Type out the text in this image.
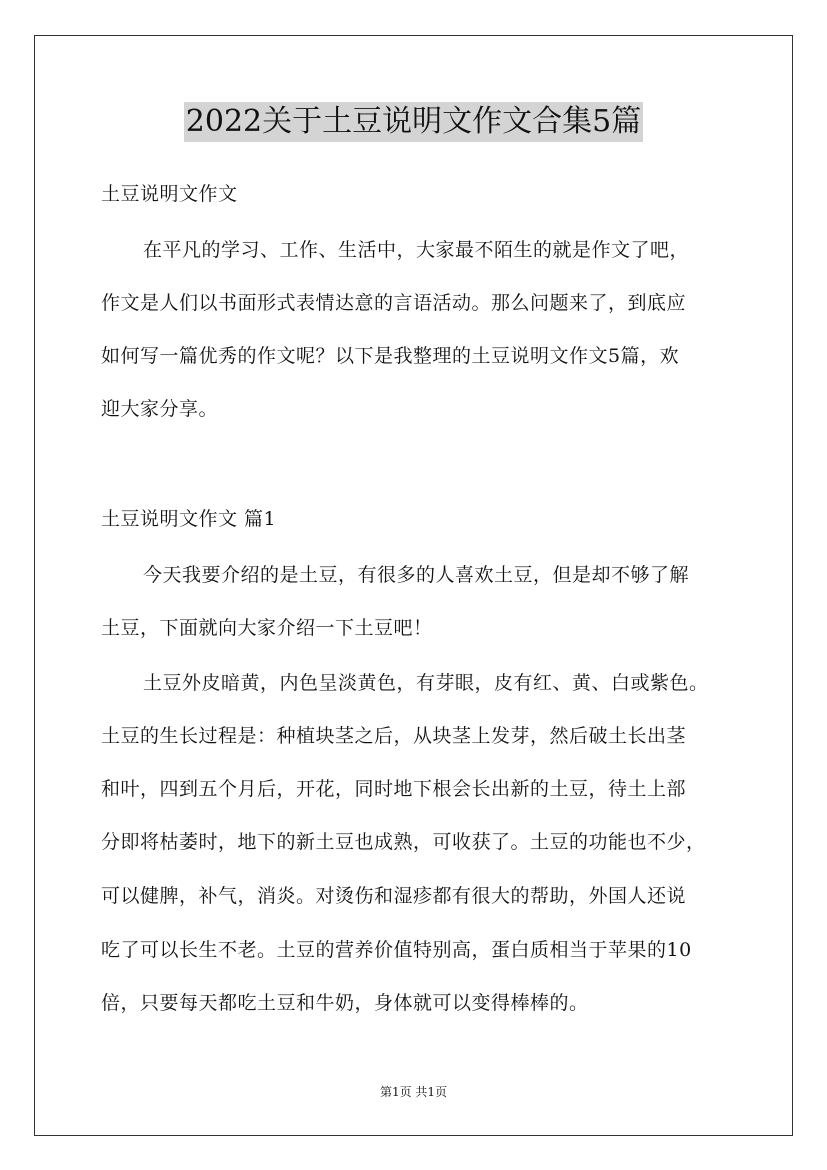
2022关于土豆说明文作文合集5篇
土豆说明文作文
在平凡的学习、工作、生活中，大家最不陌生的就是作文了吧，
作文是人们以书面形式表情达意的言语活动。那么问题来了，到底应
如何写一篇优秀的作文呢？以下是我整理的土豆说明文作文5篇，欢
迎大家分享。
土豆说明文作文 篇1
今天我要介绍的是土豆，有很多的人喜欢土豆，但是却不够了解
土豆，下面就向大家介绍一下土豆吧！
土豆外皮暗黄，内色呈淡黄色，有芽眼，皮有红、黄、白或紫色。
土豆的生长过程是：种植块茎之后，从块茎上发芽，然后破土长出茎
和叶，四到五个月后，开花，同时地下根会长出新的土豆，待土上部
分即将枯萎时，地下的新土豆也成熟，可收获了。土豆的功能也不少，
可以健脾，补气，消炎。对烫伤和湿疹都有很大的帮助，外国人还说
吃了可以长生不老。土豆的营养价值特别高，蛋白质相当于苹果的10
倍，只要每天都吃土豆和牛奶，身体就可以变得棒棒的。
第1页 共1页
